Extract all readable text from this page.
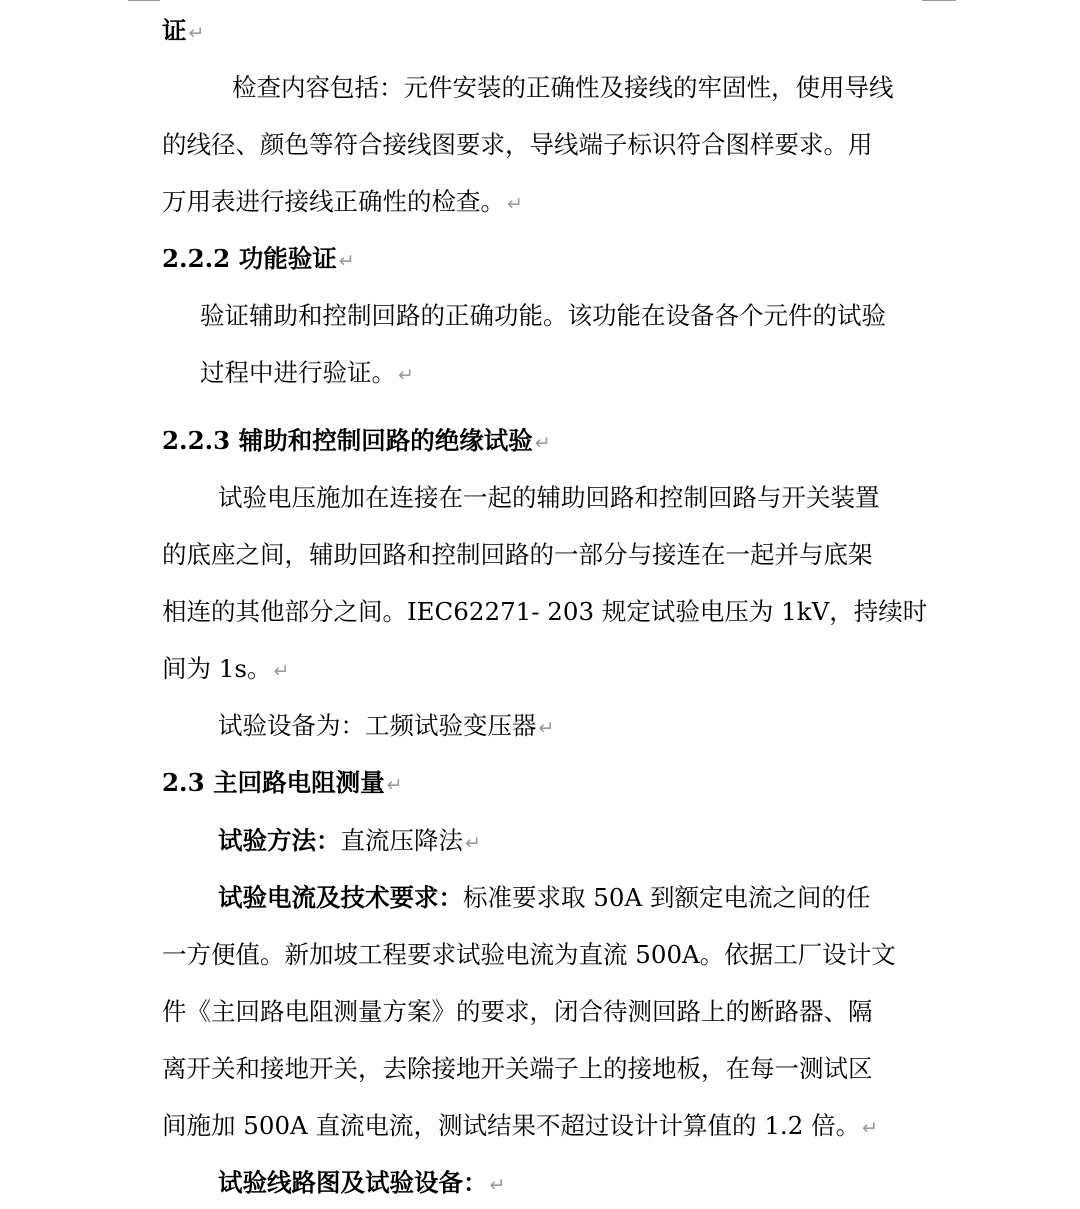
证 ↵
检查内容包括：元件安装的正确性及接线的牢固性，使用导线
的线径、颜色等符合接线图要求，导线端子标识符合图样要求。用
万用表进行接线正确性的检查。 ↵
2.2.2 功能验证 ↵
验证辅助和控制回路的正确功能。该功能在设备各个元件的试验
过程中进行验证。 ↵
2.2.3 辅助和控制回路的绝缘试验 ↵
试验电压施加在连接在一起的辅助回路和控制回路与开关装置
的底座之间，辅助回路和控制回路的一部分与接连在一起并与底架
相连的其他部分之间。IEC62271- 203 规定试验电压为 1kV，持续时
间为 1s。 ↵
试验设备为：工频试验变压器 ↵
2.3 主回路电阻测量 ↵
试验方法：直流压降法 ↵
试验电流及技术要求：标准要求取 50A 到额定电流之间的任
一方便值。新加坡工程要求试验电流为直流 500A。依据工厂设计文
件《主回路电阻测量方案》的要求，闭合待测回路上的断路器、隔
离开关和接地开关，去除接地开关端子上的接地板，在每一测试区
间施加 500A 直流电流，测试结果不超过设计计算值的 1.2 倍。 ↵
试验线路图及试验设备： ↵
